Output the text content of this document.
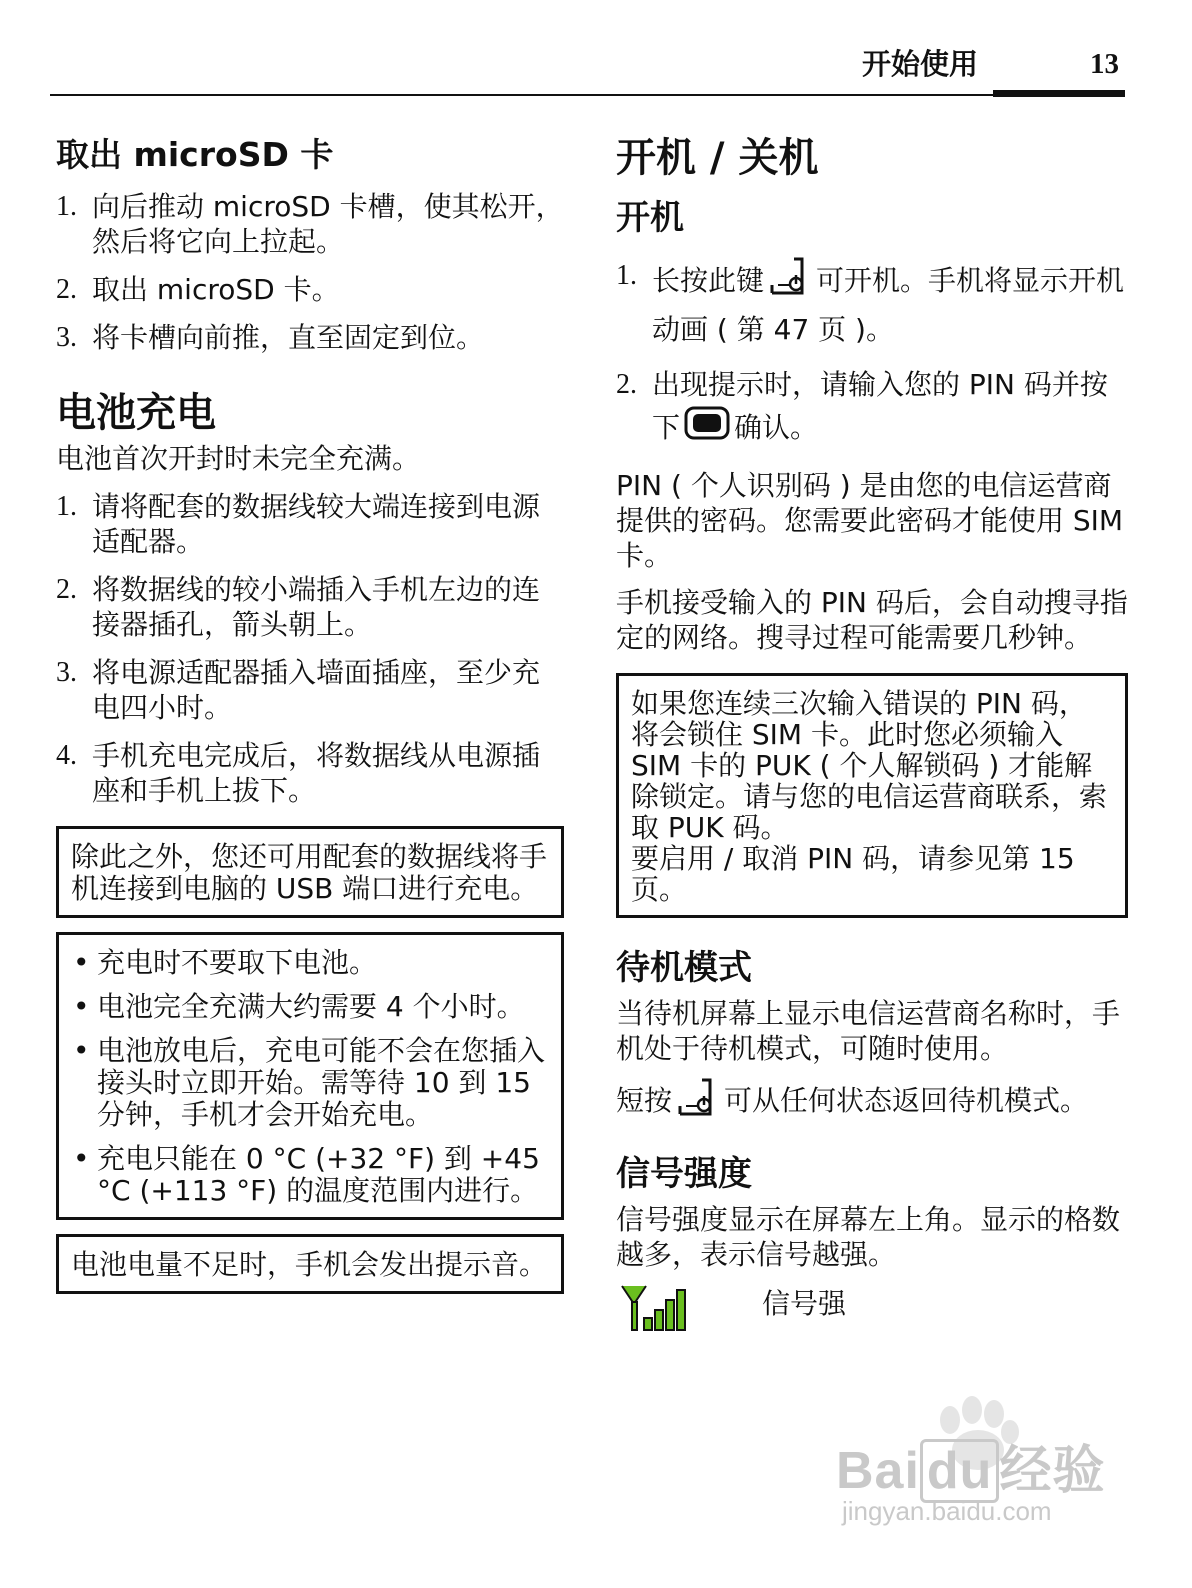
开始使用	13
取出 microSD 卡
1. 向后推动 microSD 卡槽，使其松开，然后将它向上拉起。
2. 取出 microSD 卡。
3. 将卡槽向前推，直至固定到位。
电池充电

电池首次开封时未完全充满。

1. 请将配套的数据线较大端连接到电源适配器。
2. 将数据线的较小端插入手机左边的连接器插孔，箭头朝上。
3. 将电源适配器插入墙面插座，至少充电四小时。
4. 手机充电完成后，将数据线从电源插座和手机上拔下。
除此之外，您还可用配套的数据线将手机连接到电脑的 USB 端口进行充电。
• 充电时不要取下电池。
• 电池完全充满大约需要 4 个小时。
• 电池放电后，充电可能不会在您插入接头时立即开始。需等待 10 到 15 分钟，手机才会开始充电。
• 充电只能在 0 °C (+32 °F) 到 +45 °C (+113 °F) 的温度范围内进行。
电池电量不足时，手机会发出提示音。
开机 / 关机
开机
1. 长按此键 可开机。手机将显示开机动画 ( 第 47 页 )。
2. 出现提示时，请输入您的 PIN 码并按下 确认。

PIN ( 个人识别码 ) 是由您的电信运营商提供的密码。您需要此密码才能使用 SIM 卡。

手机接受输入的 PIN 码后，会自动搜寻指定的网络。搜寻过程可能需要几秒钟。

如果您连续三次输入错误的 PIN 码，将会锁住 SIM 卡。此时您必须输入 SIM 卡的 PUK ( 个人解锁码 ) 才能解除锁定。请与您的电信运营商联系，索取 PUK 码。
要启用 / 取消 PIN 码，请参见第 15 页。
待机模式

当待机屏幕上显示电信运营商名称时，手机处于待机模式，可随时使用。

短按 可从任何状态返回待机模式。

信号强度

信号强度显示在屏幕左上角。显示的格数越多，表示信号越强。

信号强
Bai du 经验
jingyan.baidu.com
